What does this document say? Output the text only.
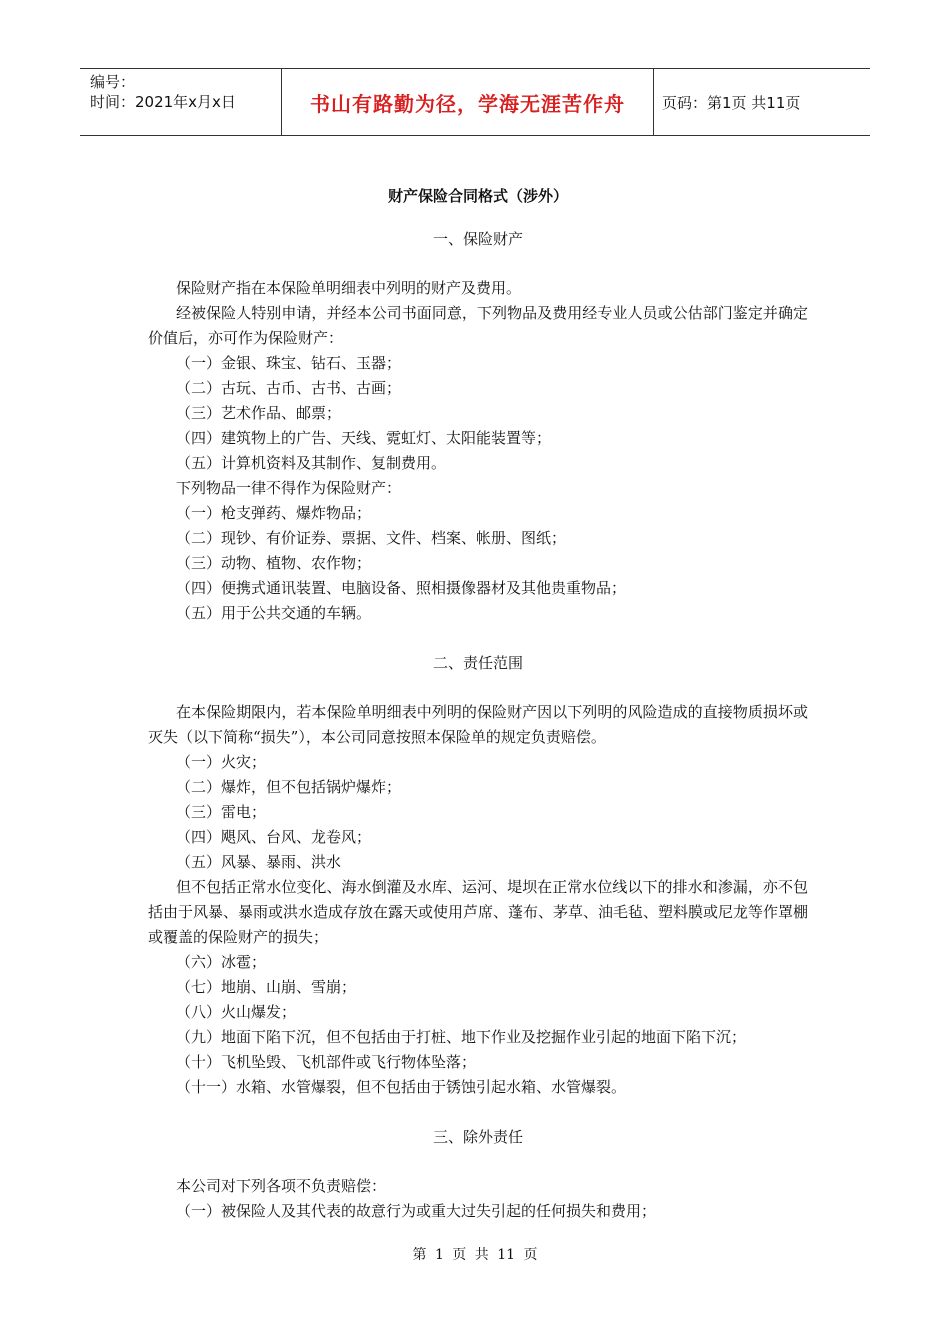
编号：
时间：2021年x月x日	书山有路勤为径，学海无涯苦作舟	页码：第1页 共11页
财产保险合同格式（涉外）
一、保险财产

保险财产指在本保险单明细表中列明的财产及费用。

经被保险人特别申请，并经本公司书面同意，下列物品及费用经专业人员或公估部门鉴定并确定价值后，亦可作为保险财产：

（一）金银、珠宝、钻石、玉器；

（二）古玩、古币、古书、古画；

（三）艺术作品、邮票；

（四）建筑物上的广告、天线、霓虹灯、太阳能装置等；

（五）计算机资料及其制作、复制费用。

下列物品一律不得作为保险财产：

（一）枪支弹药、爆炸物品；

（二）现钞、有价证券、票据、文件、档案、帐册、图纸；

（三）动物、植物、农作物；

（四）便携式通讯装置、电脑设备、照相摄像器材及其他贵重物品；

（五）用于公共交通的车辆。

二、责任范围

在本保险期限内，若本保险单明细表中列明的保险财产因以下列明的风险造成的直接物质损坏或灭失（以下简称“损失”），本公司同意按照本保险单的规定负责赔偿。

（一）火灾；

（二）爆炸，但不包括锅炉爆炸；

（三）雷电；

（四）飓风、台风、龙卷风；

（五）风暴、暴雨、洪水

但不包括正常水位变化、海水倒灌及水库、运河、堤坝在正常水位线以下的排水和渗漏，亦不包括由于风暴、暴雨或洪水造成存放在露天或使用芦席、蓬布、茅草、油毛毡、塑料膜或尼龙等作罩棚或覆盖的保险财产的损失；

（六）冰雹；

（七）地崩、山崩、雪崩；

（八）火山爆发；

（九）地面下陷下沉，但不包括由于打桩、地下作业及挖掘作业引起的地面下陷下沉；

（十）飞机坠毁、飞机部件或飞行物体坠落；

（十一）水箱、水管爆裂，但不包括由于锈蚀引起水箱、水管爆裂。

三、除外责任

本公司对下列各项不负责赔偿：

（一）被保险人及其代表的故意行为或重大过失引起的任何损失和费用；

第 1 页 共 11 页
